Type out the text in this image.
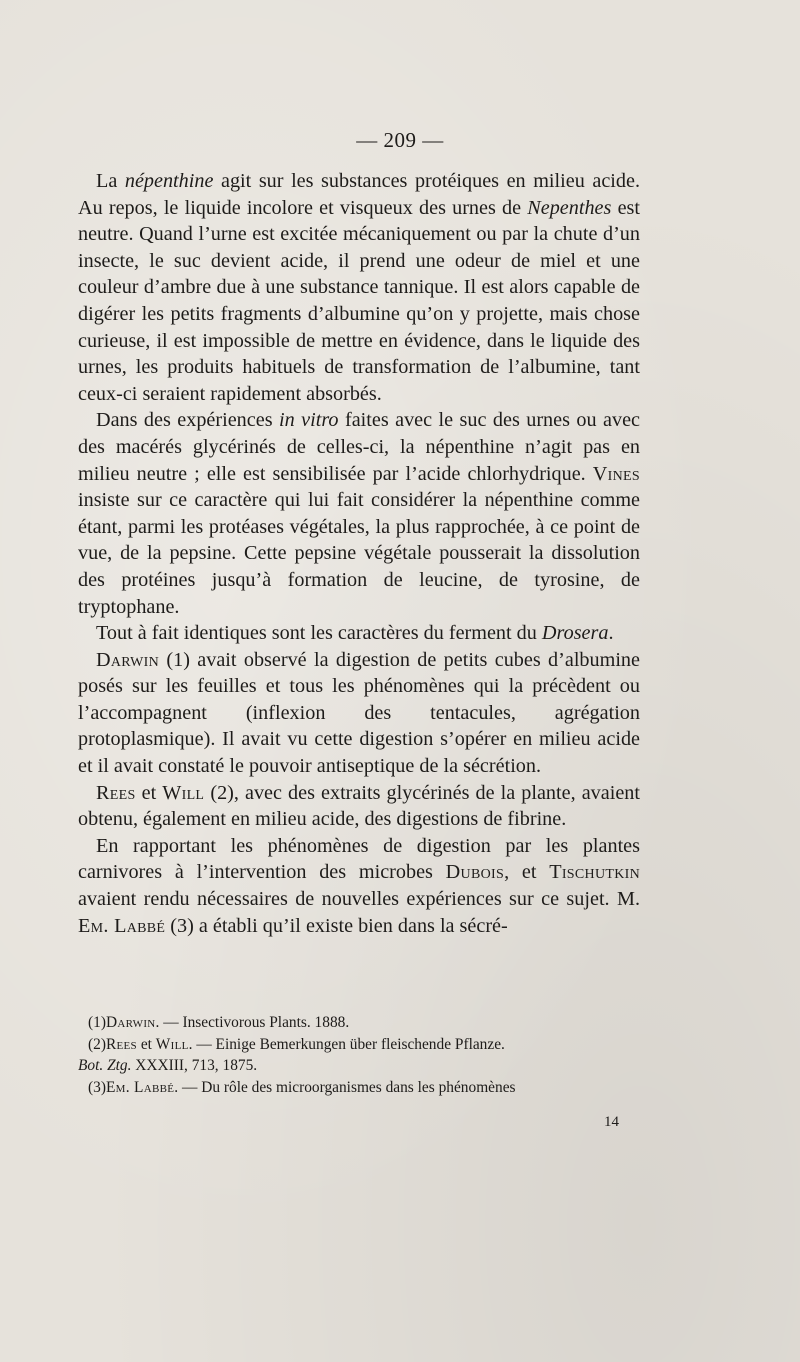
— 209 —

La népenthine agit sur les substances protéiques en milieu acide. Au repos, le liquide incolore et visqueux des urnes de Nepenthes est neutre. Quand l’urne est excitée mécaniquement ou par la chute d’un insecte, le suc devient acide, il prend une odeur de miel et une couleur d’ambre due à une substance tannique. Il est alors capable de digérer les petits fragments d’albumine qu’on y projette, mais chose curieuse, il est impossible de mettre en évidence, dans le liquide des urnes, les produits habituels de transformation de l’albumine, tant ceux-ci seraient rapidement absorbés.

Dans des expériences in vitro faites avec le suc des urnes ou avec des macérés glycérinés de celles-ci, la népenthine n’agit pas en milieu neutre ; elle est sensibilisée par l’acide chlorhydrique. Vines insiste sur ce caractère qui lui fait considérer la népenthine comme étant, parmi les protéases végétales, la plus rapprochée, à ce point de vue, de la pepsine. Cette pepsine végétale pousserait la dissolution des protéines jusqu’à formation de leucine, de tyrosine, de tryptophane.

Tout à fait identiques sont les caractères du ferment du Drosera.

Darwin (1) avait observé la digestion de petits cubes d’albumine posés sur les feuilles et tous les phénomènes qui la précèdent ou l’accompagnent (inflexion des tentacules, agrégation protoplasmique). Il avait vu cette digestion s’opérer en milieu acide et il avait constaté le pouvoir antiseptique de la sécrétion.

Rees et Will (2), avec des extraits glycérinés de la plante, avaient obtenu, également en milieu acide, des digestions de fibrine.

En rapportant les phénomènes de digestion par les plantes carnivores à l’intervention des microbes Dubois, et Tischutkin avaient rendu nécessaires de nouvelles expériences sur ce sujet. M. Em. Labbé (3) a établi qu’il existe bien dans la sécré-

(1)Darwin. — Insectivorous Plants. 1888.

(2)Rees et Will. — Einige Bemerkungen über fleischende Pflanze.

Bot. Ztg. XXXIII, 713, 1875.

(3)Em. Labbé. — Du rôle des microorganismes dans les phénomènes

14
